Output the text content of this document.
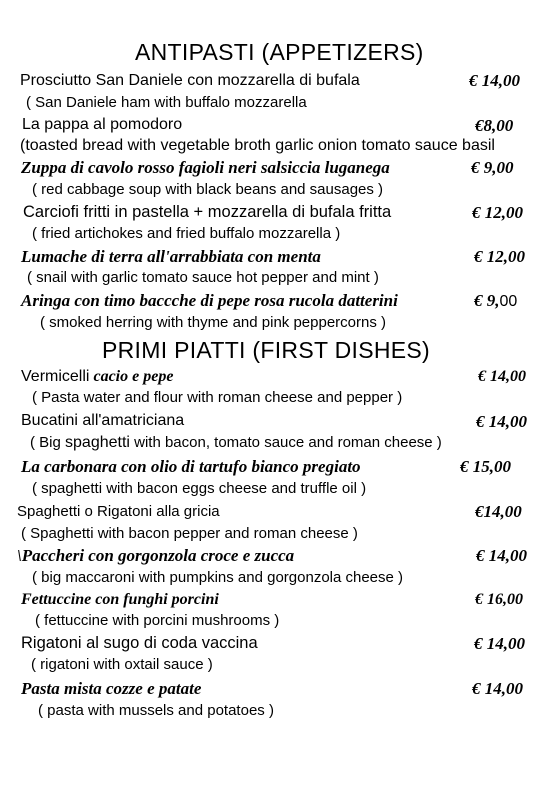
ANTIPASTI (APPETIZERS)
Prosciutto San Daniele con mozzarella di bufala	€ 14,00
( San Daniele ham with buffalo mozzarella
La pappa al pomodoro	€8,00
(toasted bread with vegetable broth garlic onion tomato sauce basil
Zuppa di cavolo rosso fagioli neri salsiccia luganega	€ 9,00
( red cabbage soup with black beans and sausages )
Carciofi fritti in pastella + mozzarella di bufala fritta	€ 12,00
( fried artichokes and fried buffalo mozzarella )
Lumache di terra all'arrabbiata con menta	€ 12,00
( snail with garlic tomato sauce hot pepper and mint )
Aringa con timo baccche di pepe rosa rucola datterini	€ 9,00
( smoked herring with thyme and pink peppercorns )
PRIMI PIATTI (FIRST DISHES)
Vermicelli cacio e pepe	€ 14,00
( Pasta water and flour with roman cheese and pepper )
Bucatini all'amatriciana	€ 14,00
( Big spaghetti with bacon, tomato sauce and roman cheese )
La carbonara con olio di tartufo bianco pregiato	€ 15,00
( spaghetti with bacon eggs cheese and truffle oil )
Spaghetti o Rigatoni alla gricia	€14,00
( Spaghetti with bacon pepper and roman cheese )
\Paccheri con gorgonzola croce e zucca	€ 14,00
( big maccaroni with pumpkins and gorgonzola cheese )
Fettuccine con funghi porcini	€ 16,00
( fettuccine with porcini mushrooms )
Rigatoni al sugo di coda vaccina	€ 14,00
( rigatoni with oxtail sauce )
Pasta mista cozze e patate	€ 14,00
( pasta with mussels and potatoes )
